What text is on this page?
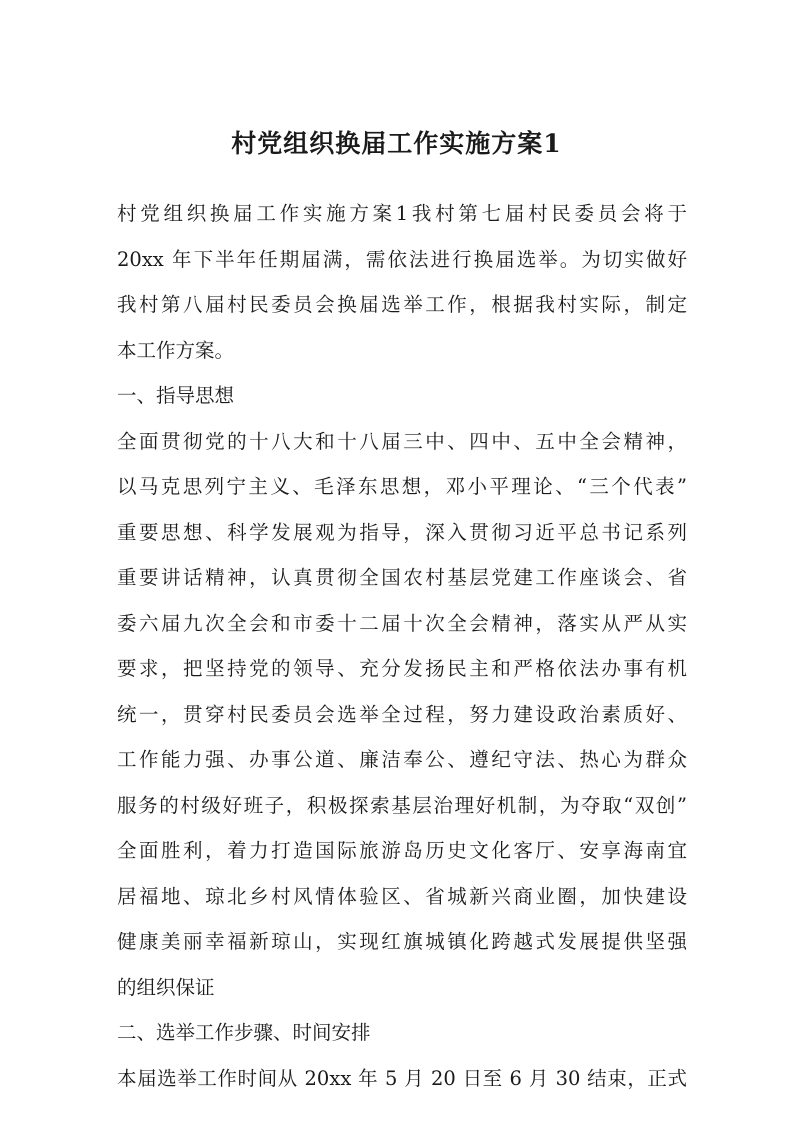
村党组织换届工作实施方案1
村党组织换届工作实施方案1我村第七届村民委员会将于
20xx 年下半年任期届满，需依法进行换届选举。为切实做好
我村第八届村民委员会换届选举工作，根据我村实际，制定
本工作方案。
一、指导思想
全面贯彻党的十八大和十八届三中、四中、五中全会精神，
以马克思列宁主义、毛泽东思想，邓小平理论、“三个代表”
重要思想、科学发展观为指导，深入贯彻习近平总书记系列
重要讲话精神，认真贯彻全国农村基层党建工作座谈会、省
委六届九次全会和市委十二届十次全会精神，落实从严从实
要求，把坚持党的领导、充分发扬民主和严格依法办事有机
统一，贯穿村民委员会选举全过程，努力建设政治素质好、
工作能力强、办事公道、廉洁奉公、遵纪守法、热心为群众
服务的村级好班子，积极探索基层治理好机制，为夺取“双创”
全面胜利，着力打造国际旅游岛历史文化客厅、安享海南宜
居福地、琼北乡村风情体验区、省城新兴商业圈，加快建设
健康美丽幸福新琼山，实现红旗城镇化跨越式发展提供坚强
的组织保证
二、选举工作步骤、时间安排
本届选举工作时间从 20xx 年 5 月 20 日至 6 月 30 结束，正式
